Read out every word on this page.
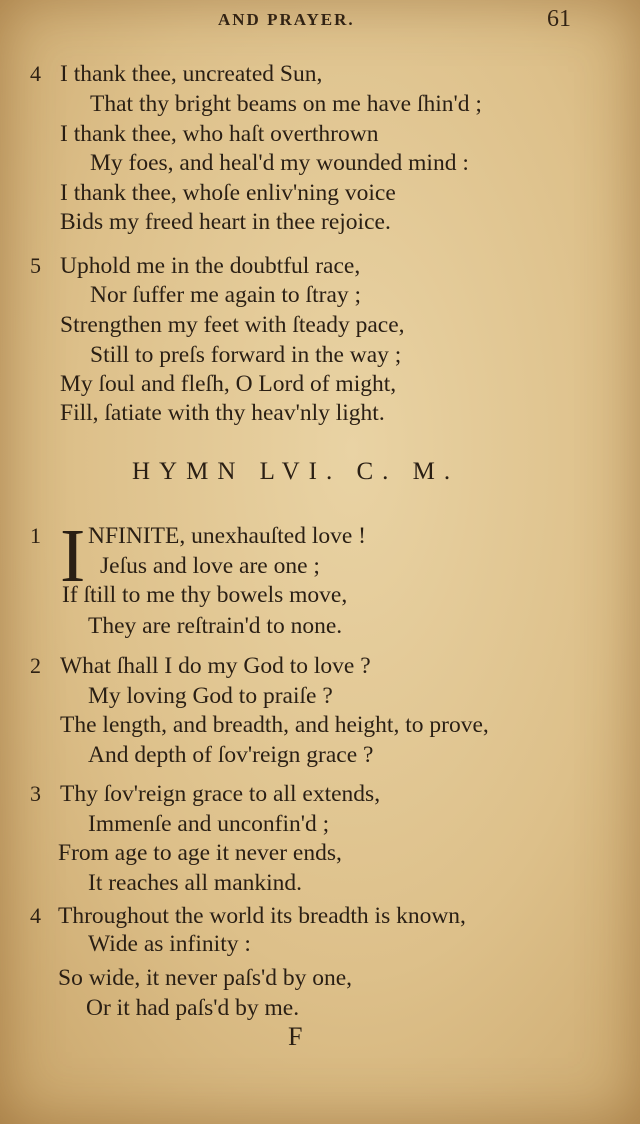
AND PRAYER.	61
4 I thank thee, uncreated Sun,
That thy bright beams on me have ſhin'd ;
I thank thee, who haſt overthrown
My foes, and heal'd my wounded mind :
I thank thee, whoſe enliv'ning voice
Bids my freed heart in thee rejoice.
5 Uphold me in the doubtful race,
Nor ſuffer me again to ſtray ;
Strengthen my feet with ſteady pace,
Still to preſs forward in the way ;
My ſoul and fleſh, O Lord of might,
Fill, ſatiate with thy heav'nly light.
HYMN LVI. C. M.
1 I NFINITE, unexhauſted love !
Jeſus and love are one ;
If ſtill to me thy bowels move,
They are reſtrain'd to none.
2 What ſhall I do my God to love ?
My loving God to praiſe ?
The length, and breadth, and height, to prove,
And depth of ſov'reign grace ?
3 Thy ſov'reign grace to all extends,
Immenſe and unconfin'd ;
From age to age it never ends,
It reaches all mankind.
4 Throughout the world its breadth is known,
Wide as infinity :
So wide, it never paſs'd by one,
Or it had paſs'd by me.
F
